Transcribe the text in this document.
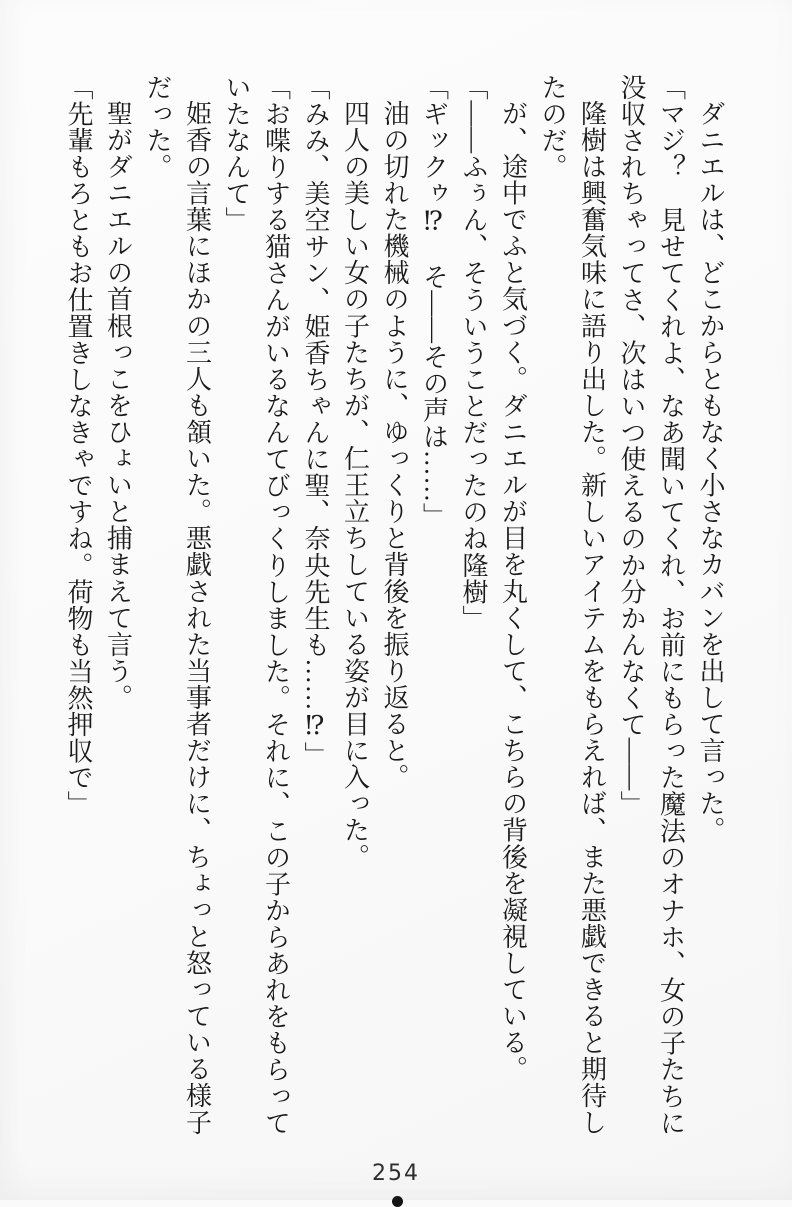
ダニエルは、どこからともなく小さなカバンを出して言った。

「マジ？　見せてくれよ、なあ聞いてくれ、お前にもらった魔法のオナホ、女の子たちに

没収されちゃってさ、次はいつ使えるのか分かんなくて――」

隆樹は興奮気味に語り出した。新しいアイテムをもらえれば、また悪戯できると期待し

たのだ。

が、途中でふと気づく。ダニエルが目を丸くして、こちらの背後を凝視している。

「――ふぅん、そういうことだったのね隆樹」

「ギックゥ⁉　そ――その声は……」

油の切れた機械のように、ゆっくりと背後を振り返ると。

四人の美しい女の子たちが、仁王立ちしている姿が目に入った。

「みみ、美空サン、姫香ちゃんに聖、奈央先生も……⁉」

「お喋りする猫さんがいるなんてびっくりしました。それに、この子からあれをもらって

いたなんて」

姫香の言葉にほかの三人も頷いた。悪戯された当事者だけに、ちょっと怒っている様子

だった。

聖がダニエルの首根っこをひょいと捕まえて言う。

「先輩もろともお仕置きしなきゃですね。荷物も当然押収で」

254
